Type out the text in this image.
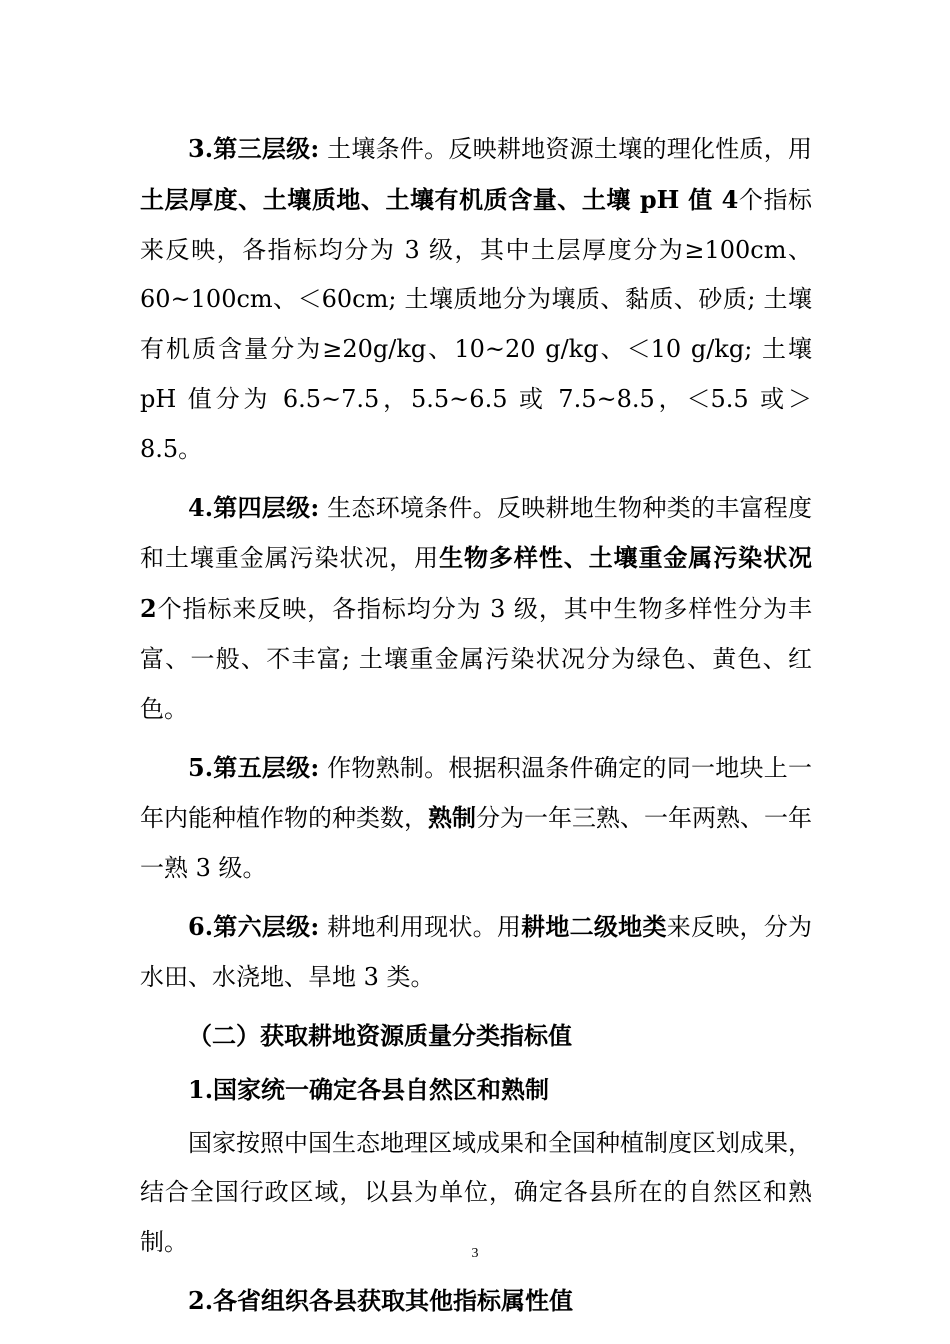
3.第三层级: 土壤条件。反映耕地资源土壤的理化性质，用土层厚度、土壤质地、土壤有机质含量、土壤 pH 值 4个指标来反映，各指标均分为 3 级，其中土层厚度分为≥100cm、60~100cm、＜60cm; 土壤质地分为壤质、黏质、砂质; 土壤有机质含量分为≥20g/kg、10~20 g/kg、＜10 g/kg; 土壤 pH 值分为 6.5~7.5，5.5~6.5 或 7.5~8.5，＜5.5 或＞8.5。

4.第四层级: 生态环境条件。反映耕地生物种类的丰富程度和土壤重金属污染状况，用生物多样性、土壤重金属污染状况 2个指标来反映，各指标均分为 3 级，其中生物多样性分为丰富、一般、不丰富; 土壤重金属污染状况分为绿色、黄色、红色。

5.第五层级: 作物熟制。根据积温条件确定的同一地块上一年内能种植作物的种类数，熟制分为一年三熟、一年两熟、一年一熟 3 级。

6.第六层级: 耕地利用现状。用耕地二级地类来反映，分为水田、水浇地、旱地 3 类。

（二）获取耕地资源质量分类指标值
1.国家统一确定各县自然区和熟制

国家按照中国生态地理区域成果和全国种植制度区划成果，结合全国行政区域，以县为单位，确定各县所在的自然区和熟制。

2.各省组织各县获取其他指标属性值
3
